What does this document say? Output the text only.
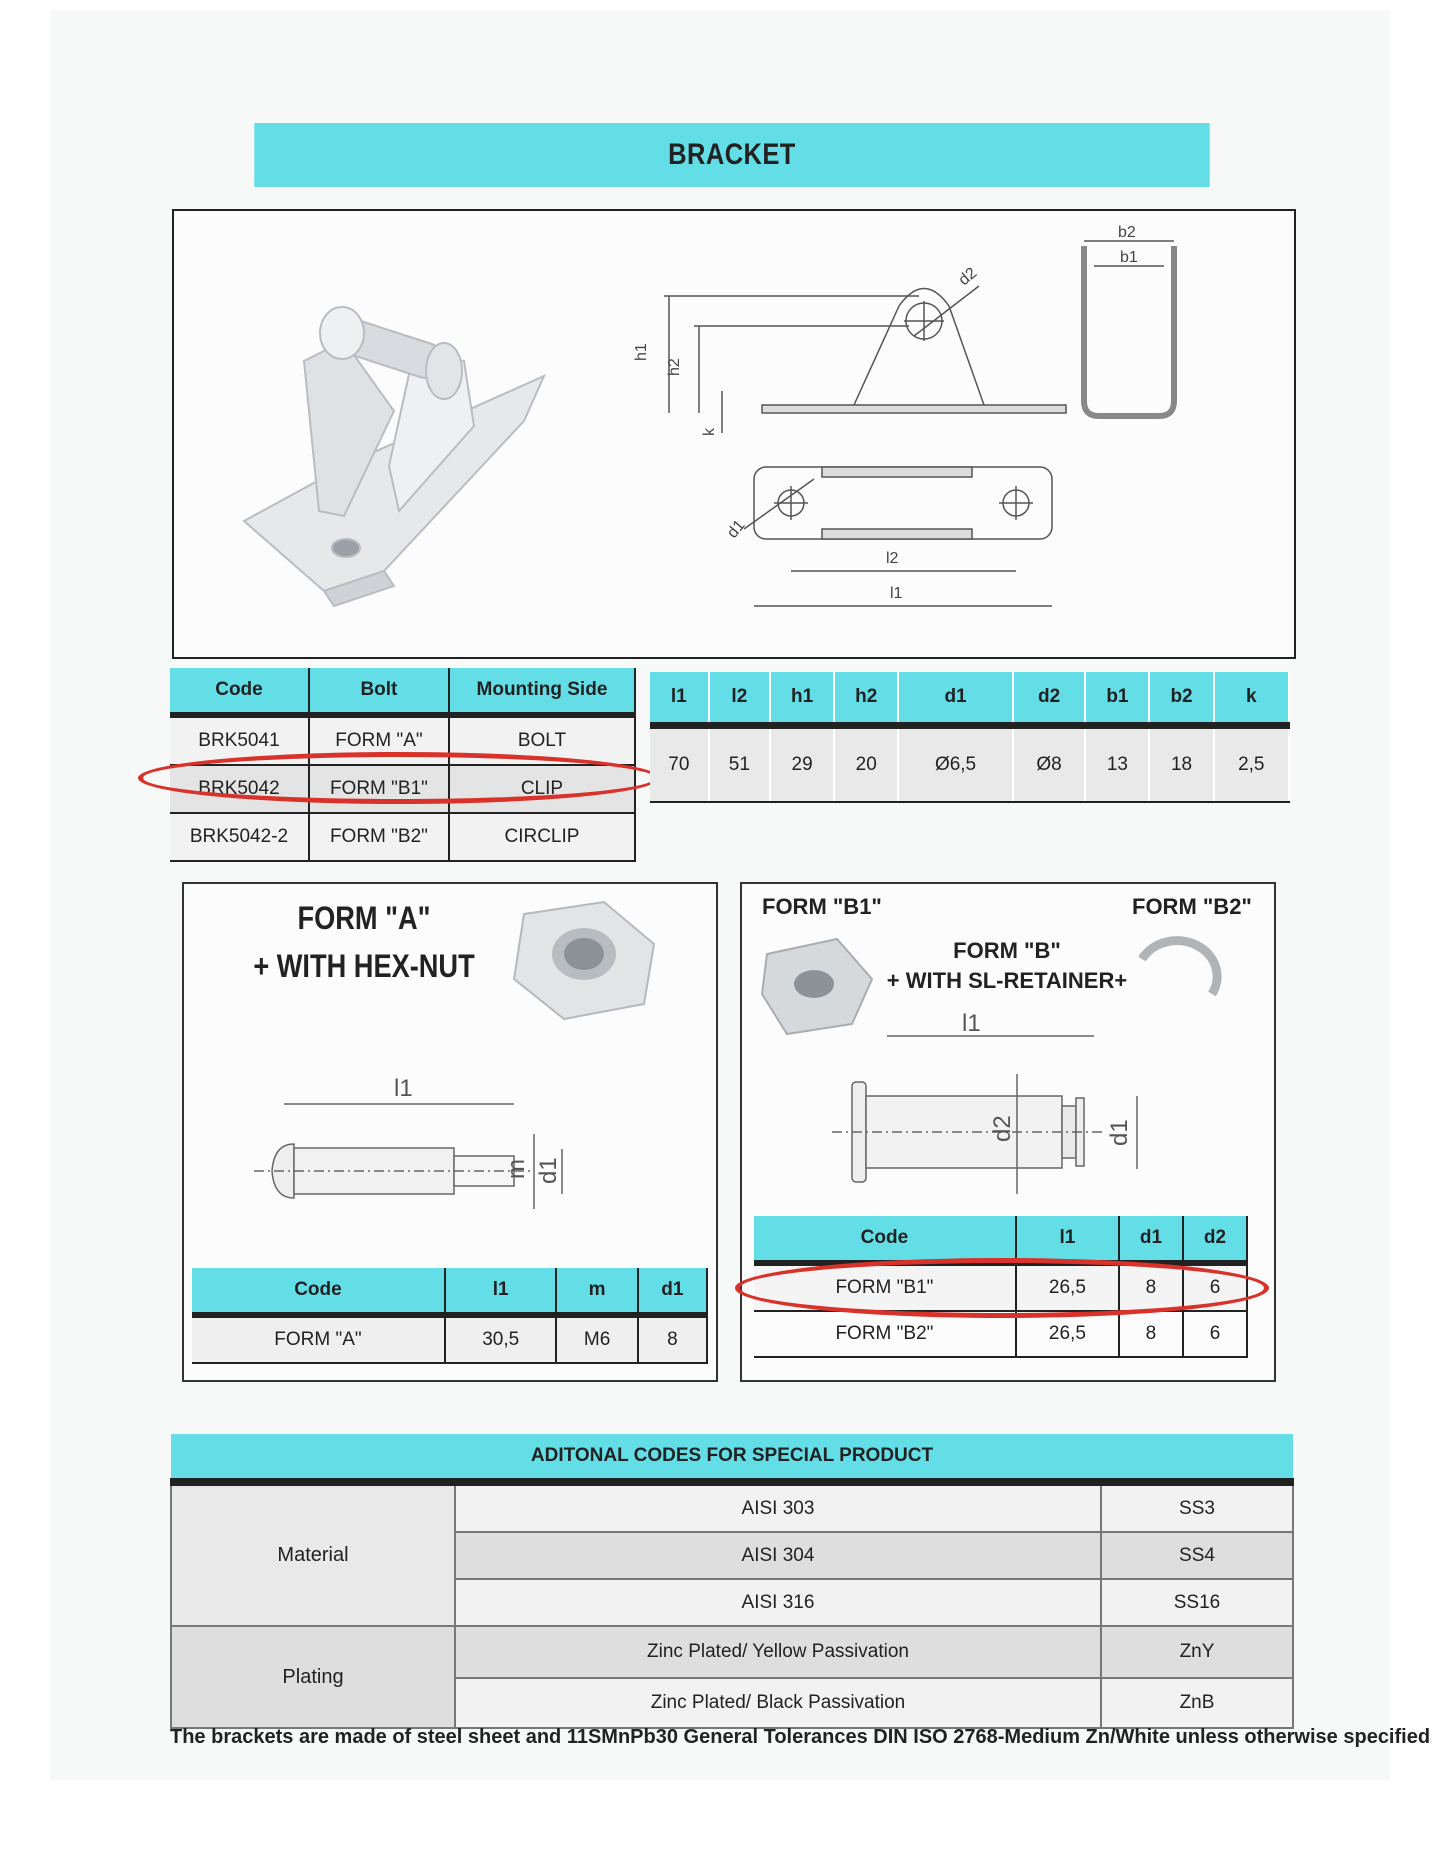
BRACKET
h1
h2
k
d2
b2
b1
l2
l1
d1
Code	Bolt	Mounting Side
BRK5041	FORM "A"	BOLT
BRK5042	FORM "B1"	CLIP
BRK5042-2	FORM "B2"	CIRCLIP
l1	l2	h1	h2	d1	d2	b1	b2	k
70	51	29	20	Ø6,5	Ø8	13	18	2,5
FORM "A"
+ WITH HEX-NUT
l1
m d1
Code	l1	m	d1
FORM "A"	30,5	M6	8
FORM "B1"	FORM "B2"
FORM "B"
+ WITH SL-RETAINER+
l1
d2	d1
Code	l1	d1	d2
FORM "B1"	26,5	8	6
FORM "B2"	26,5	8	6
ADITONAL CODES FOR SPECIAL PRODUCT		
Material	AISI 303	SS3
	AISI 304	SS4
	AISI 316	SS16
Plating	Zinc Plated/ Yellow Passivation	ZnY
	Zinc Plated/ Black Passivation	ZnB
The brackets are made of steel sheet and 11SMnPb30 General Tolerances DIN ISO 2768-Medium Zn/White unless otherwise specified
